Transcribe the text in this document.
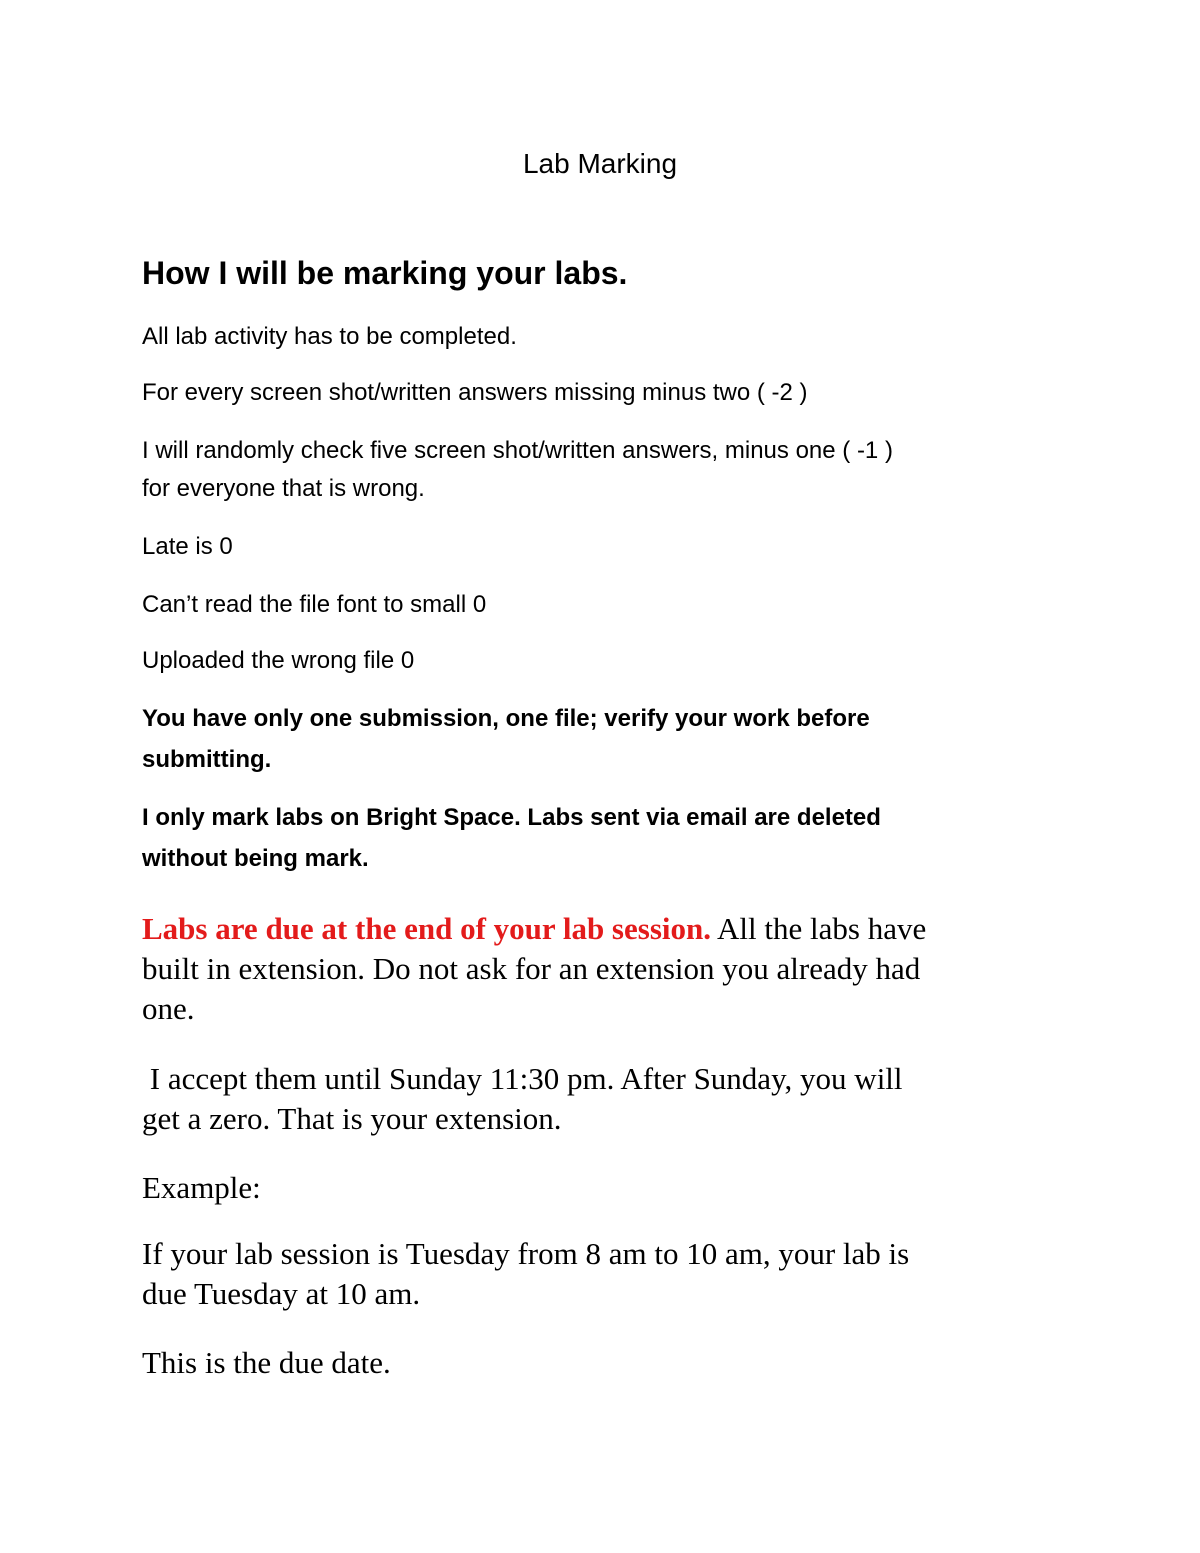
Lab Marking

How I will be marking your labs.

All lab activity has to be completed.

For every screen shot/written answers missing minus two ( -2 )

I will randomly check five screen shot/written answers, minus one ( -1 )
for everyone that is wrong.

Late is 0

Can’t read the file font to small 0

Uploaded the wrong file 0

You have only one submission, one file; verify your work before
submitting.

I only mark labs on Bright Space. Labs sent via email are deleted
without being mark.

Labs are due at the end of your lab session. All the labs have
built in extension. Do not ask for an extension you already had
one.

I accept them until Sunday 11:30 pm. After Sunday, you will
get a zero. That is your extension.

Example:

If your lab session is Tuesday from 8 am to 10 am, your lab is
due Tuesday at 10 am.

This is the due date.
